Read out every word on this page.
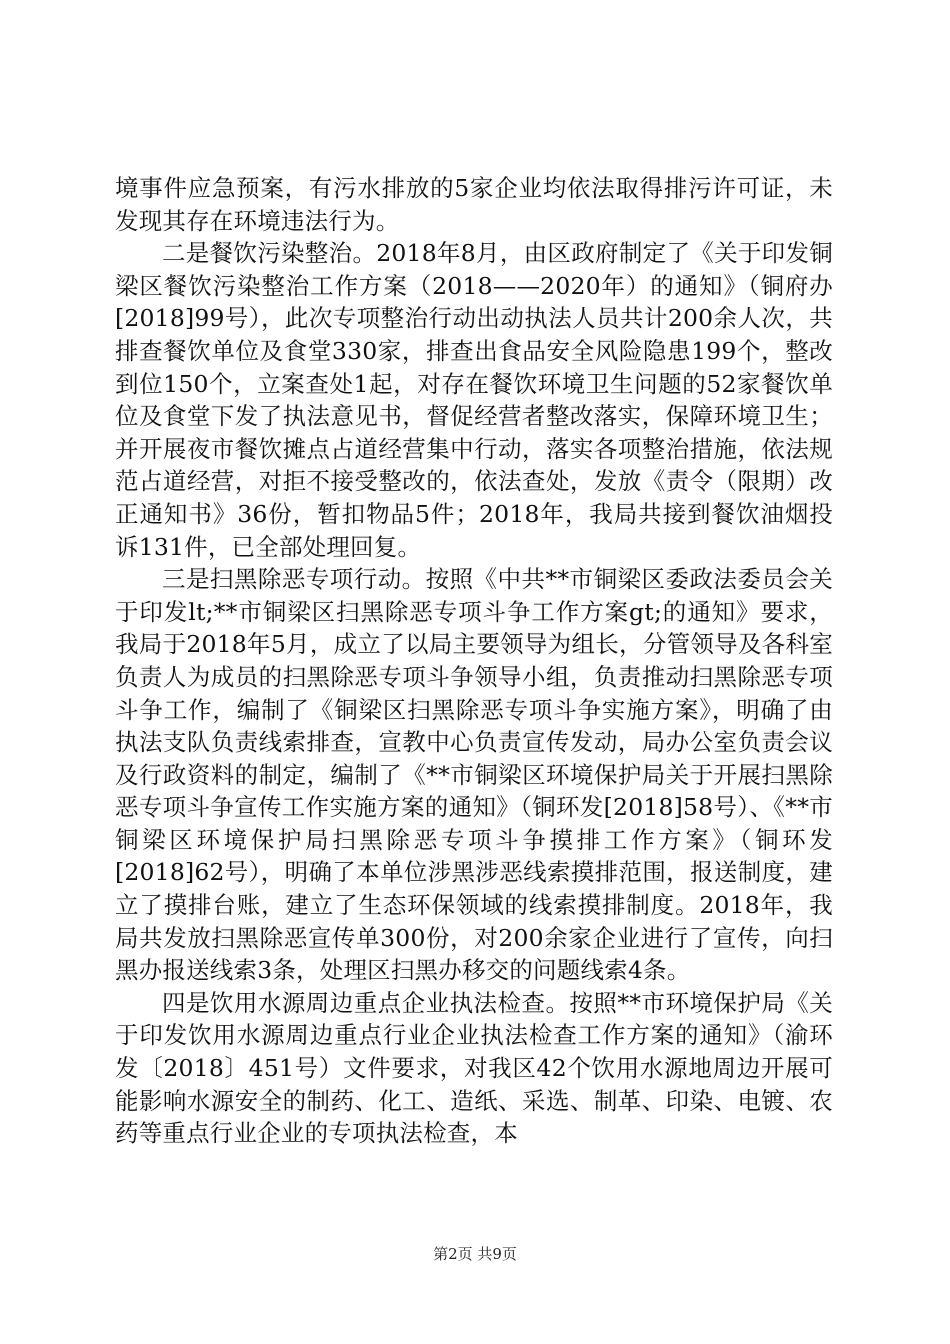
境事件应急预案，有污水排放的5家企业均依法取得排污许可证，未发现其存在环境违法行为。

二是餐饮污染整治。2018年8月，由区政府制定了《关于印发铜梁区餐饮污染整治工作方案（2018——2020年）的通知》（铜府办[2018]99号），此次专项整治行动出动执法人员共计200余人次，共排查餐饮单位及食堂330家，排查出食品安全风险隐患199个，整改到位150个，立案查处1起，对存在餐饮环境卫生问题的52家餐饮单位及食堂下发了执法意见书，督促经营者整改落实，保障环境卫生；并开展夜市餐饮摊点占道经营集中行动，落实各项整治措施，依法规范占道经营，对拒不接受整改的，依法查处，发放《责令（限期）改正通知书》36份，暂扣物品5件；2018年，我局共接到餐饮油烟投诉131件，已全部处理回复。

三是扫黑除恶专项行动。按照《中共**市铜梁区委政法委员会关于印发lt;**市铜梁区扫黑除恶专项斗争工作方案gt;的通知》要求，我局于2018年5月，成立了以局主要领导为组长，分管领导及各科室负责人为成员的扫黑除恶专项斗争领导小组，负责推动扫黑除恶专项斗争工作，编制了《铜梁区扫黑除恶专项斗争实施方案》，明确了由执法支队负责线索排查，宣教中心负责宣传发动，局办公室负责会议及行政资料的制定，编制了《**市铜梁区环境保护局关于开展扫黑除恶专项斗争宣传工作实施方案的通知》（铜环发[2018]58号）、《**市铜梁区环境保护局扫黑除恶专项斗争摸排工作方案》（铜环发[2018]62号），明确了本单位涉黑涉恶线索摸排范围，报送制度，建立了摸排台账，建立了生态环保领域的线索摸排制度。2018年，我局共发放扫黑除恶宣传单300份，对200余家企业进行了宣传，向扫黑办报送线索3条，处理区扫黑办移交的问题线索4条。

四是饮用水源周边重点企业执法检查。按照**市环境保护局《关于印发饮用水源周边重点行业企业执法检查工作方案的通知》（渝环发〔2018〕451号）文件要求，对我区42个饮用水源地周边开展可能影响水源安全的制药、化工、造纸、采选、制革、印染、电镀、农药等重点行业企业的专项执法检查，本

第2页 共9页
